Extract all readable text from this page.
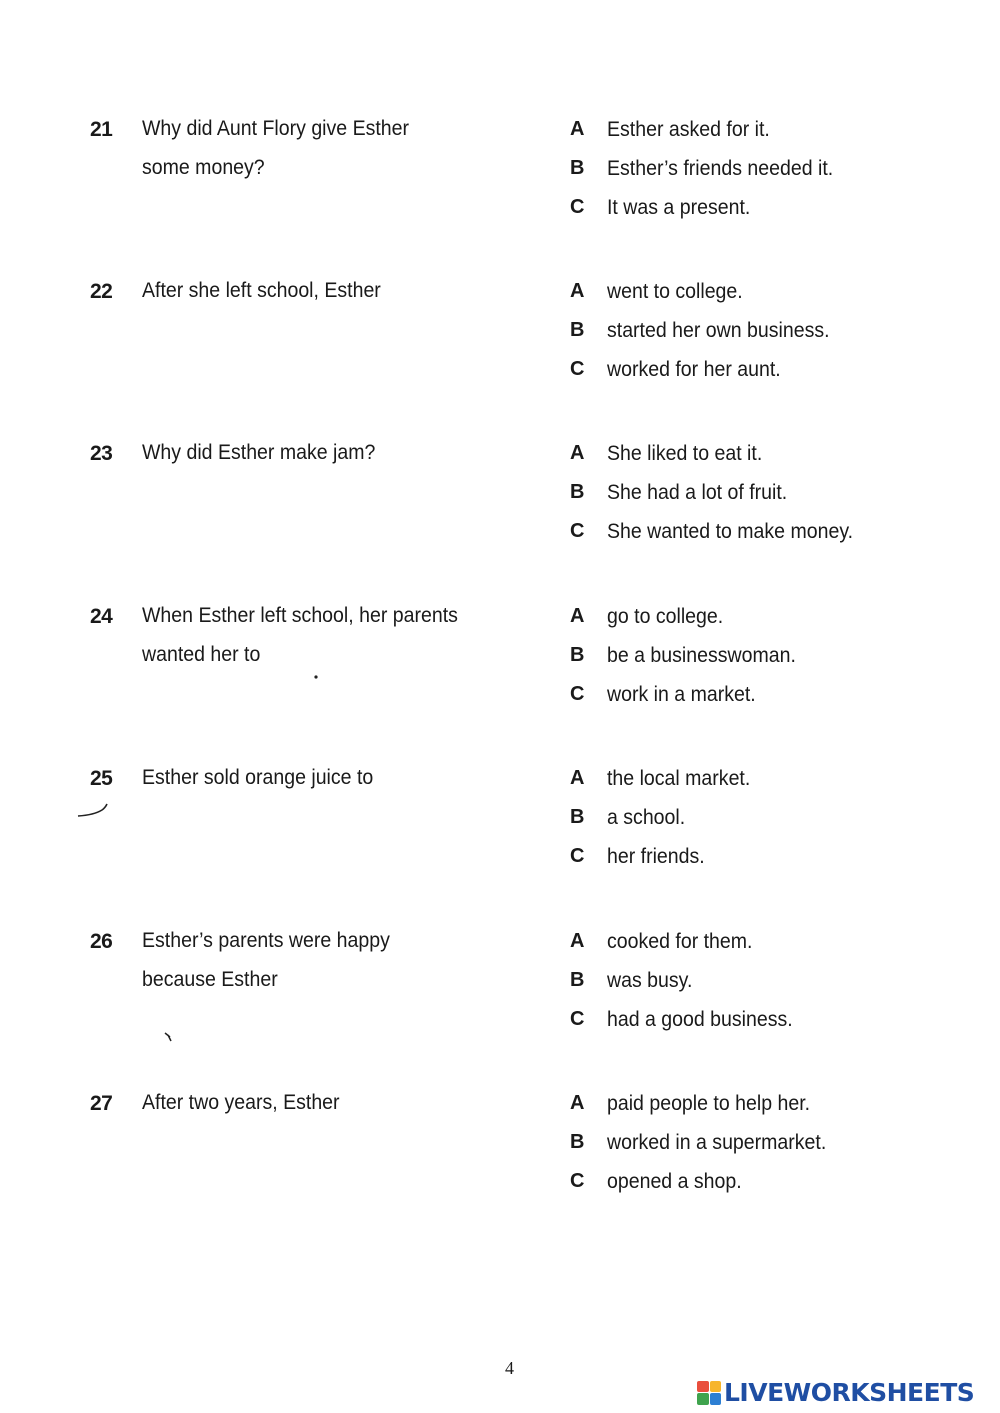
21 Why did Aunt Flory give Esther
some money?
A Esther asked for it.
B Esther’s friends needed it.
C It was a present.
22 After she left school, Esther	A went to college.
B started her own business.
C worked for her aunt.
23 Why did Esther make jam?	A She liked to eat it.
B She had a lot of fruit.
C She wanted to make money.
24 When Esther left school, her parents
wanted her to
A go to college.
B be a businesswoman.
C work in a market.
25 Esther sold orange juice to	A the local market.
B a school.
C her friends.
26 Esther’s parents were happy
because Esther
A cooked for them.
B was busy.
C had a good business.
27 After two years, Esther	A paid people to help her.
B worked in a supermarket.
C opened a shop.
4
LIVEWORKSHEETS
